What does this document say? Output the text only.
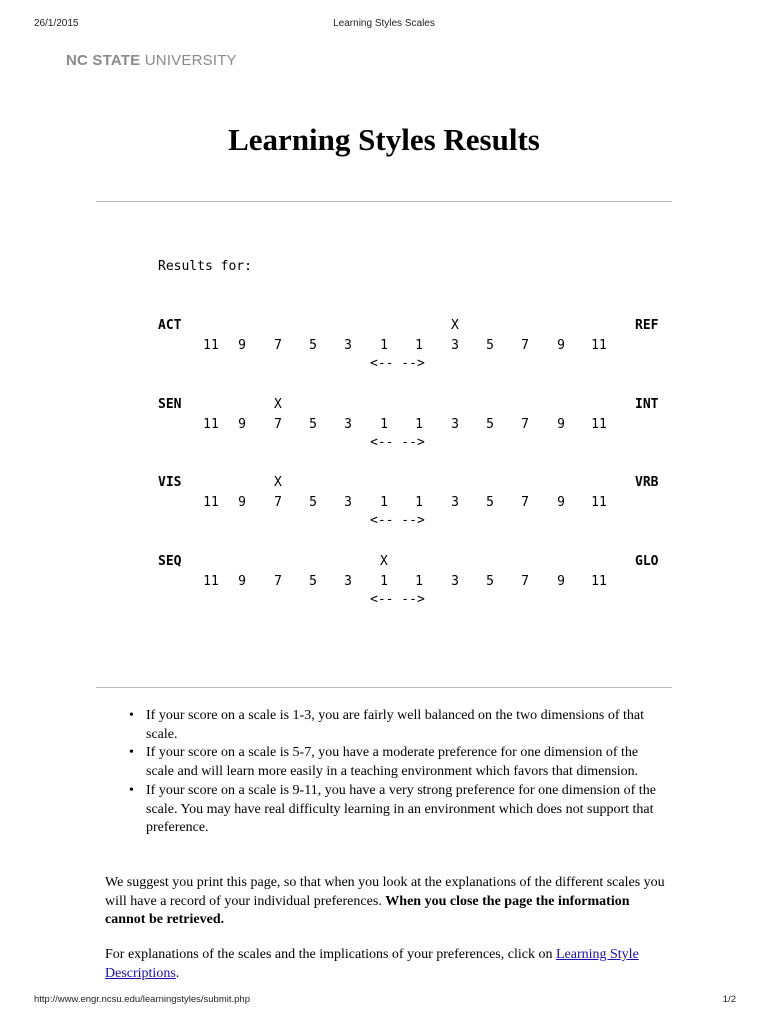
26/1/2015	Learning Styles Scales
NC STATE UNIVERSITY
Learning Styles Results
Results for:
ACT	REF
X
11 9 7 5 3 1 1 3 5 7 9 11
<-- -->
SEN	INT
X
11 9 7 5 3 1 1 3 5 7 9 11
<-- -->
VIS	VRB
X
11 9 7 5 3 1 1 3 5 7 9 11
<-- -->
SEQ	GLO
X
11 9 7 5 3 1 1 3 5 7 9 11
<-- -->
• If your score on a scale is 1-3, you are fairly well balanced on the two dimensions of that scale.
• If your score on a scale is 5-7, you have a moderate preference for one dimension of the scale and will learn more easily in a teaching environment which favors that dimension.
• If your score on a scale is 9-11, you have a very strong preference for one dimension of the scale. You may have real difficulty learning in an environment which does not support that preference.

We suggest you print this page, so that when you look at the explanations of the different scales you will have a record of your individual preferences. When you close the page the information cannot be retrieved.

For explanations of the scales and the implications of your preferences, click on Learning Style Descriptions.

http://www.engr.ncsu.edu/learningstyles/submit.php	1/2
